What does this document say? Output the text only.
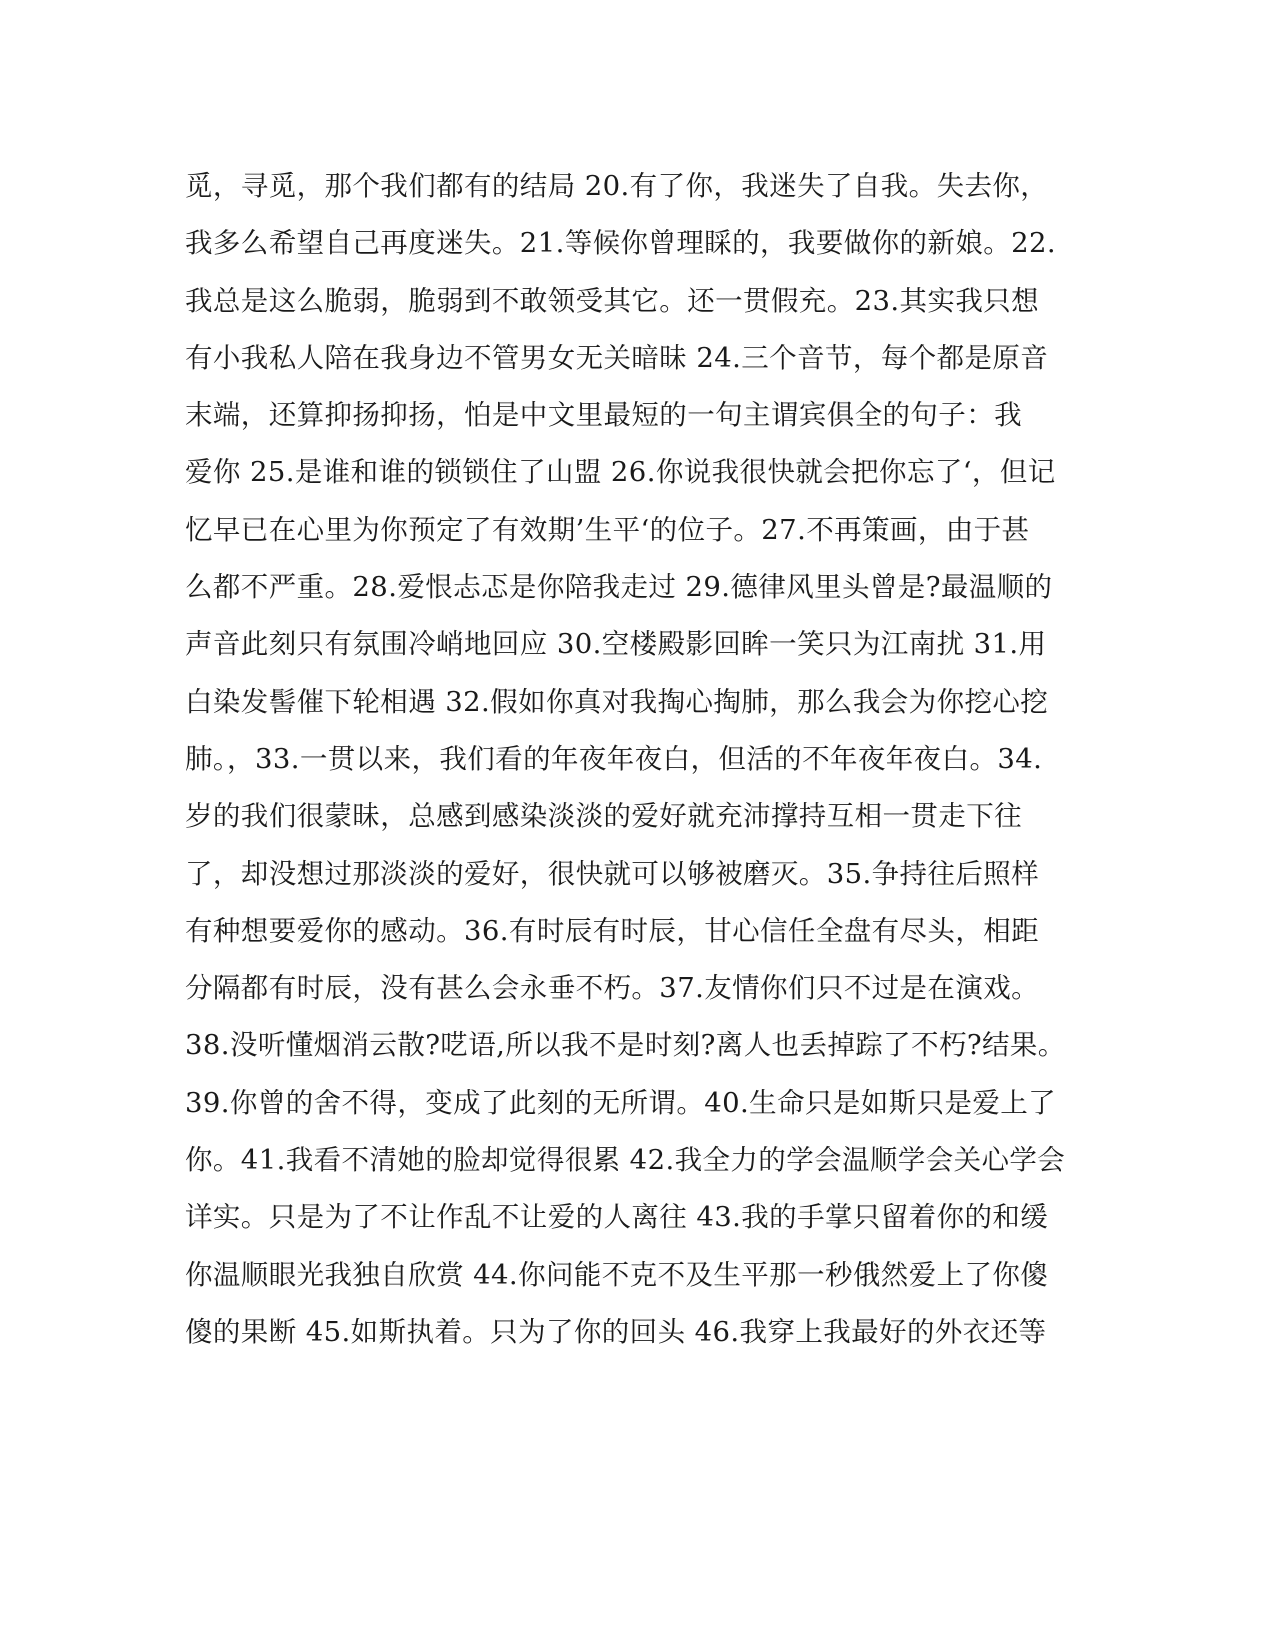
觅，寻觅，那个我们都有的结局 20.有了你，我迷失了自我。失去你，
我多么希望自己再度迷失。21.等候你曾理睬的，我要做你的新娘。22.
我总是这么脆弱，脆弱到不敢领受其它。还一贯假充。23.其实我只想
有小我私人陪在我身边不管男女无关暗昧 24.三个音节，每个都是原音
末端，还算抑扬抑扬，怕是中文里最短的一句主谓宾俱全的句子：我
爱你 25.是谁和谁的锁锁住了山盟 26.你说我很快就会把你忘了‘，但记
忆早已在心里为你预定了有效期’生平‘的位子。27.不再策画，由于甚
么都不严重。28.爱恨忐忑是你陪我走过 29.德律风里头曾是?最温顺的
声音此刻只有氛围冷峭地回应 30.空楼殿影回眸一笑只为江南扰 31.用
白染发髻催下轮相遇 32.假如你真对我掏心掏肺，那么我会为你挖心挖
肺。，33.一贯以来，我们看的年夜年夜白，但活的不年夜年夜白。34.
岁的我们很蒙昧，总感到感染淡淡的爱好就充沛撑持互相一贯走下往
了，却没想过那淡淡的爱好，很快就可以够被磨灭。35.争持往后照样
有种想要爱你的感动。36.有时辰有时辰，甘心信任全盘有尽头，相距
分隔都有时辰，没有甚么会永垂不朽。37.友情你们只不过是在演戏。
38.没听懂烟消云散?呓语,所以我不是时刻?离人也丢掉踪了不朽?结果。
39.你曾的舍不得，变成了此刻的无所谓。40.生命只是如斯只是爱上了
你。41.我看不清她的脸却觉得很累 42.我全力的学会温顺学会关心学会
详实。只是为了不让作乱不让爱的人离往 43.我的手掌只留着你的和缓
你温顺眼光我独自欣赏 44.你问能不克不及生平那一秒俄然爱上了你傻
傻的果断 45.如斯执着。只为了你的回头 46.我穿上我最好的外衣还等
